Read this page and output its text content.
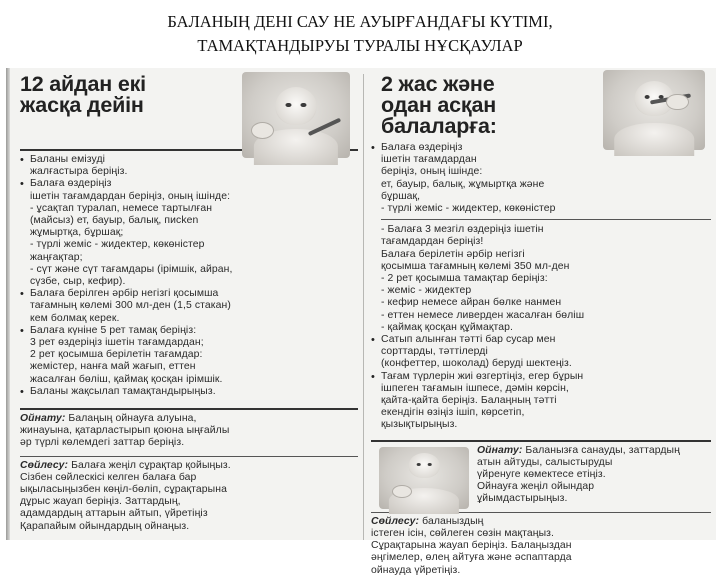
БАЛАНЫҢ ДЕНІ САУ НЕ АУЫРҒАНДАҒЫ КҮТІМІ,
ТАМАҚТАНДЫРУЫ ТУРАЛЫ НҰСҚАУЛАР
12 айдан екі
жасқа дейін
• Баланы емізуді
жалғастыра беріңіз.
• Балаға өздеріңіз
ішетін тағамдардан беріңіз, оның ішінде:
- ұсақтап туралап, немесе тартылған
(майсыз) ет, бауыр, балық, писken
жұмыртқа, бұршақ;
- түрлі жеміс - жидектер, көкөністер
жаңғақтар;
- сүт және сүт тағамдары (ірімшік, айран,
сүзбе, сыр, кефир).
• Балаға берілген әрбір негізгі қосымша
тағамның көлемі 300 мл-ден (1,5 стакан)
кем болмақ керек.
• Балаға күніне 5 рет тамақ беріңіз:
3 рет өздеріңіз ішетін тағамдардан;
2 рет қосымша берілетін тағамдар:
жемістер, нанға май жағып, еттен
жасалған бөліш, қаймақ қосқан ірімшік.
• Баланы жақсылап тамақтандырыңыз.
Ойнату: Балаңың ойнауға алуына,
жинауына, қатарластырып қоюна ыңғайлы
әр түрлі көлемдегі заттар беріңіз.
Сөйлесу: Балаға жеңіл сұрақтар қойыңыз.
Сізбен сөйлескісі келген балаға бар
ықыласыңызбен көңіл-бөліп, сұрақтарына
дұрыс жауап беріңіз. Заттардың,
адамдардың аттарын айтып, үйретіңіз
Қарапайым ойындардың ойнаңыз.
2 жас және
одан асқан
балаларға:
• Балаға өздеріңіз
ішетін тағамдардан
беріңіз, оның ішінде:
ет, бауыр, балық, жұмыртқа және
бұршақ,
- түрлі жеміс - жидектер, көкөністер
- Балаға 3 мезгіл өздеріңіз ішетін
тағамдардан беріңіз!
Балаға берілетін әрбір негізгі
қосымша тағамның көлемі 350 мл-ден
- 2 рет қосымша тамақтар беріңіз:
- жеміс - жидектер
- кефир немесе айран бөлке нанмен
- еттен немесе ливерден жасалған бөліш
- қаймақ қосқан құймақтар.
• Сатып алынған тәтті бар сусар мен
сорттарды, тәттілерді
(конфеттер, шоколад) беруді шектеңіз.
• Тағам түрлерін жиі өзгертіңіз, егер бұрын
ішпеген тағамын ішпесе, дәмін көрсін,
қайта-қайта беріңіз. Балаңның тәтті
екендігін өзіңіз ішіп, көрсетіп,
қызықтырыңыз.
Ойнату: Баланызға санауды, заттардың
атын айтуды, салыстыруды
үйренуге көмектесе етіңіз.
Ойнауға жеңіл ойындар
ұйымдастырыңыз.
Сөйлесу: баланыздың
істеген ісін, сөйлеген сөзін мақтаңыз.
Сұрақтарына жауап беріңіз. Балаңыздан
әңгімелер, өлең айтуға және әспаптарда
ойнауда үйретіңіз.
